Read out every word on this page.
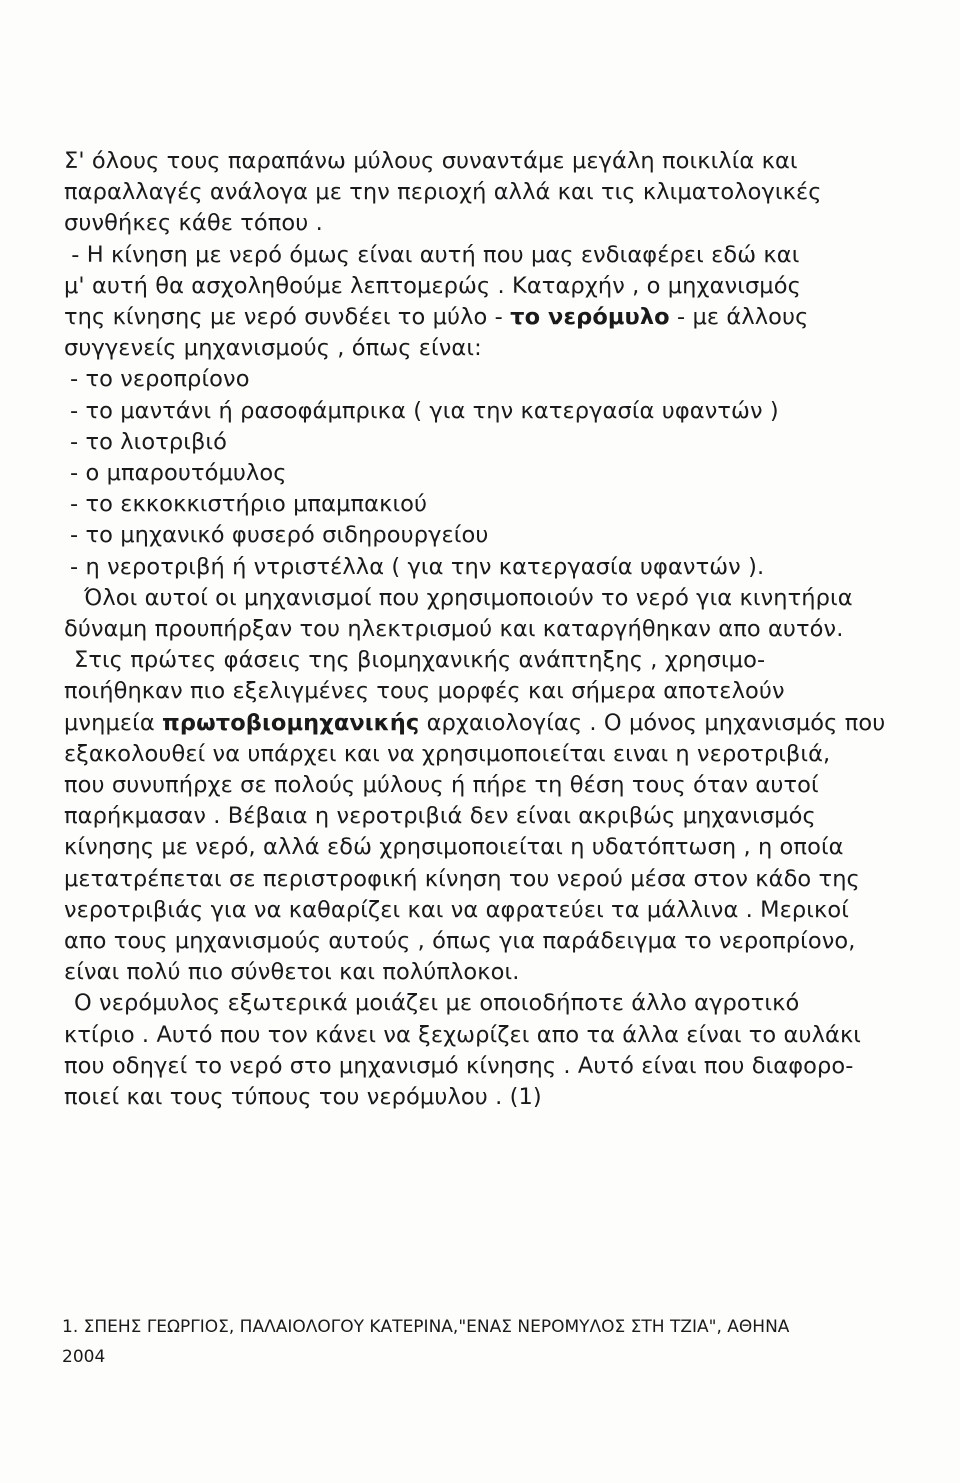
Σ' όλους τους παραπάνω μύλους συναντάμε μεγάλη ποικιλία και
παραλλαγές ανάλογα με την περιοχή αλλά και τις κλιματολογικές
συνθήκες κάθε τόπου .
- Η κίνηση με νερό όμως είναι αυτή που μας ενδιαφέρει εδώ και
μ' αυτή θα ασχοληθούμε λεπτομερώς . Καταρχήν , ο μηχανισμός
της κίνησης με νερό συνδέει το μύλο - το νερόμυλο - με άλλους
συγγενείς μηχανισμούς , όπως είναι:
- το νεροπρίονο
- το μαντάνι ή ρασοφάμπρικα ( για την κατεργασία υφαντών )
- το λιοτριβιό
- ο μπαρουτόμυλος
- το εκκοκκιστήριο μπαμπακιού
- το μηχανικό φυσερό σιδηρουργείου
- η νεροτριβή ή ντριστέλλα ( για την κατεργασία υφαντών ).
Όλοι αυτοί οι μηχανισμοί που χρησιμοποιούν το νερό για κινητήρια
δύναμη προυπήρξαν του ηλεκτρισμού και καταργήθηκαν απο αυτόν.
Στις πρώτες φάσεις της βιομηχανικής ανάπτηξης , χρησιμο-
ποιήθηκαν πιο εξελιγμένες τους μορφές και σήμερα αποτελούν
μνημεία πρωτοβιομηχανικής αρχαιολογίας . Ο μόνος μηχανισμός που
εξακολουθεί να υπάρχει και να χρησιμοποιείται ειναι η νεροτριβιά,
που συνυπήρχε σε πολούς μύλους ή πήρε τη θέση τους όταν αυτοί
παρήκμασαν . Βέβαια η νεροτριβιά δεν είναι ακριβώς μηχανισμός
κίνησης με νερό, αλλά εδώ χρησιμοποιείται η υδατόπτωση , η οποία
μετατρέπεται σε περιστροφική κίνηση του νερού μέσα στον κάδο της
νεροτριβιάς για να καθαρίζει και να αφρατεύει τα μάλλινα . Μερικοί
απο τους μηχανισμούς αυτούς , όπως για παράδειγμα το νεροπρίονο,
είναι πολύ πιο σύνθετοι και πολύπλοκοι.
Ο νερόμυλος εξωτερικά μοιάζει με οποιοδήποτε άλλο αγροτικό
κτίριο . Αυτό που τον κάνει να ξεχωρίζει απο τα άλλα είναι το αυλάκι
που οδηγεί το νερό στο μηχανισμό κίνησης . Αυτό είναι που διαφορο-
ποιεί και τους τύπους του νερόμυλου . (1)
1. ΣΠΕΗΣ ΓΕΩΡΓΙΟΣ, ΠΑΛΑΙΟΛΟΓΟΥ ΚΑΤΕΡΙΝΑ,"ΕΝΑΣ ΝΕΡΟΜΥΛΟΣ ΣΤΗ ΤΖΙΑ", ΑΘΗΝΑ
2004
